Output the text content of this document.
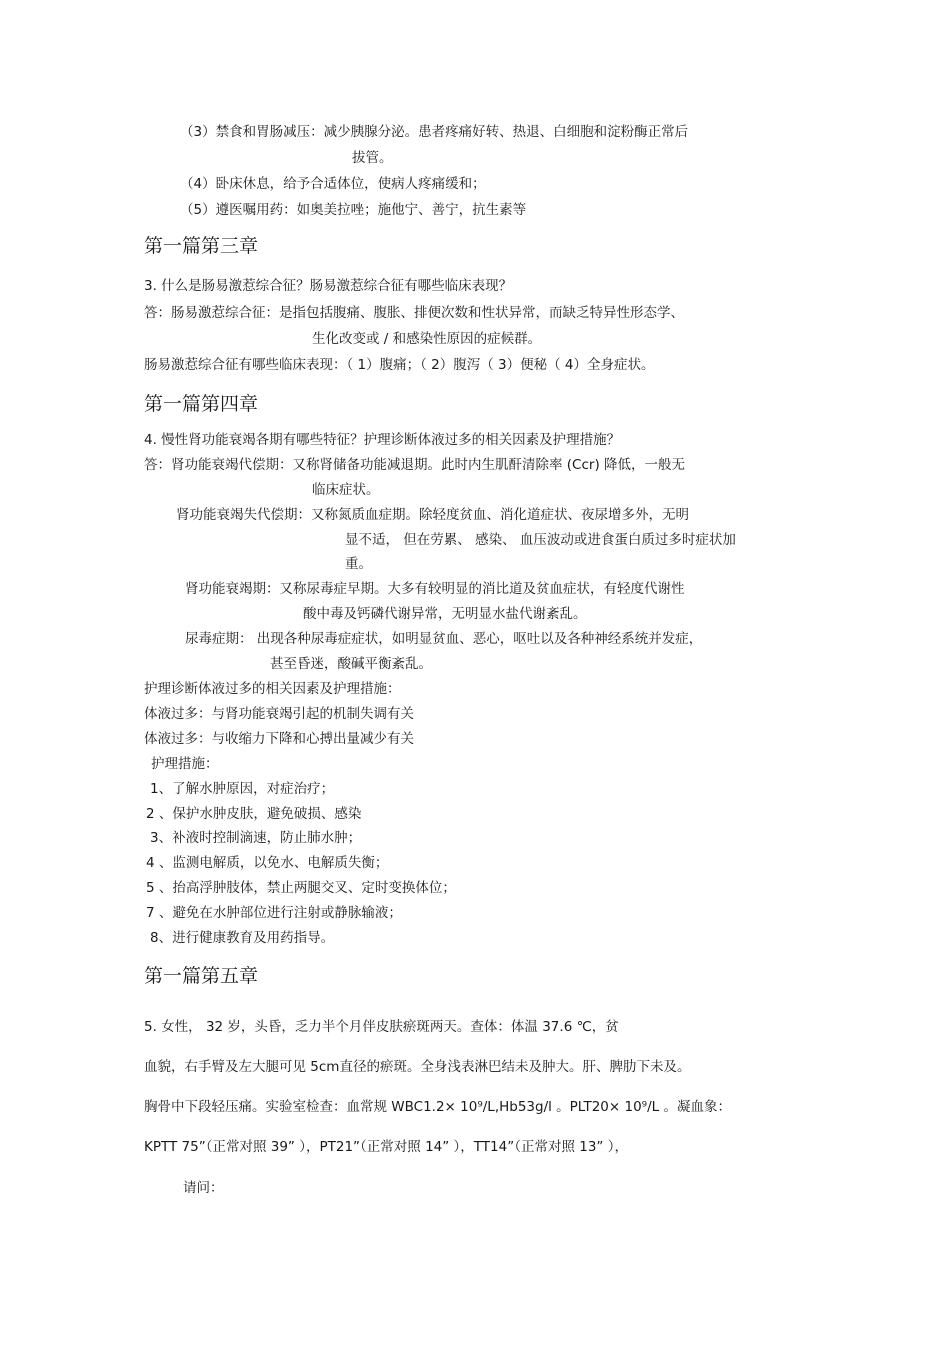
（3）禁食和胃肠减压：减少胰腺分泌。患者疼痛好转、热退、白细胞和淀粉酶正常后
拔管。
（4）卧床休息，给予合适体位，使病人疼痛缓和；
（5）遵医嘱用药：如奥美拉唑；施他宁、善宁，抗生素等
第一篇第三章
3. 什么是肠易激惹综合征？肠易激惹综合征有哪些临床表现？
答：肠易激惹综合征：是指包括腹痛、腹胀、排便次数和性状异常，而缺乏特异性形态学、
生化改变或 / 和感染性原因的症候群。
肠易激惹综合征有哪些临床表现：（ 1）腹痛；（ 2）腹泻（ 3）便秘（ 4）全身症状。
第一篇第四章
4. 慢性肾功能衰竭各期有哪些特征？护理诊断体液过多的相关因素及护理措施？
答：肾功能衰竭代偿期：又称肾储备功能减退期。此时内生肌酐清除率 (Ccr) 降低，一般无
临床症状。
肾功能衰竭失代偿期：又称氮质血症期。除轻度贫血、消化道症状、夜尿增多外，无明
显不适， 但在劳累、 感染、 血压波动或进食蛋白质过多时症状加
重。
肾功能衰竭期：又称尿毒症早期。大多有较明显的消比道及贫血症状，有轻度代谢性
酸中毒及钙磷代谢异常，无明显水盐代谢紊乱。
尿毒症期： 出现各种尿毒症症状，如明显贫血、恶心，呕吐以及各种神经系统并发症，
甚至昏迷，酸碱平衡紊乱。
护理诊断体液过多的相关因素及护理措施：
体液过多：与肾功能衰竭引起的机制失调有关
体液过多：与收缩力下降和心搏出量减少有关
护理措施：
1、了解水肿原因，对症治疗；
2 、保护水肿皮肤，避免破损、感染
3、补液时控制滴速，防止肺水肿；
4 、监测电解质，以免水、电解质失衡；
5 、抬高浮肿肢体，禁止两腿交叉、定时变换体位；
7 、避免在水肿部位进行注射或静脉输液；
8、进行健康教育及用药指导。
第一篇第五章
5. 女性， 32 岁，头昏，乏力半个月伴皮肤瘀斑两天。查体：体温 37.6 ℃，贫
血貌，右手臂及左大腿可见 5cm直径的瘀斑。全身浅表淋巴结未及肿大。肝、脾肋下未及。
胸骨中下段轻压痛。实验室检查：血常规 WBC1.2× 10⁹/L,Hb53g/l 。PLT20× 10⁹/L 。凝血象：
KPTT 75”（正常对照 39” ），PT21”（正常对照 14” ），TT14”（正常对照 13” ），
请问：
